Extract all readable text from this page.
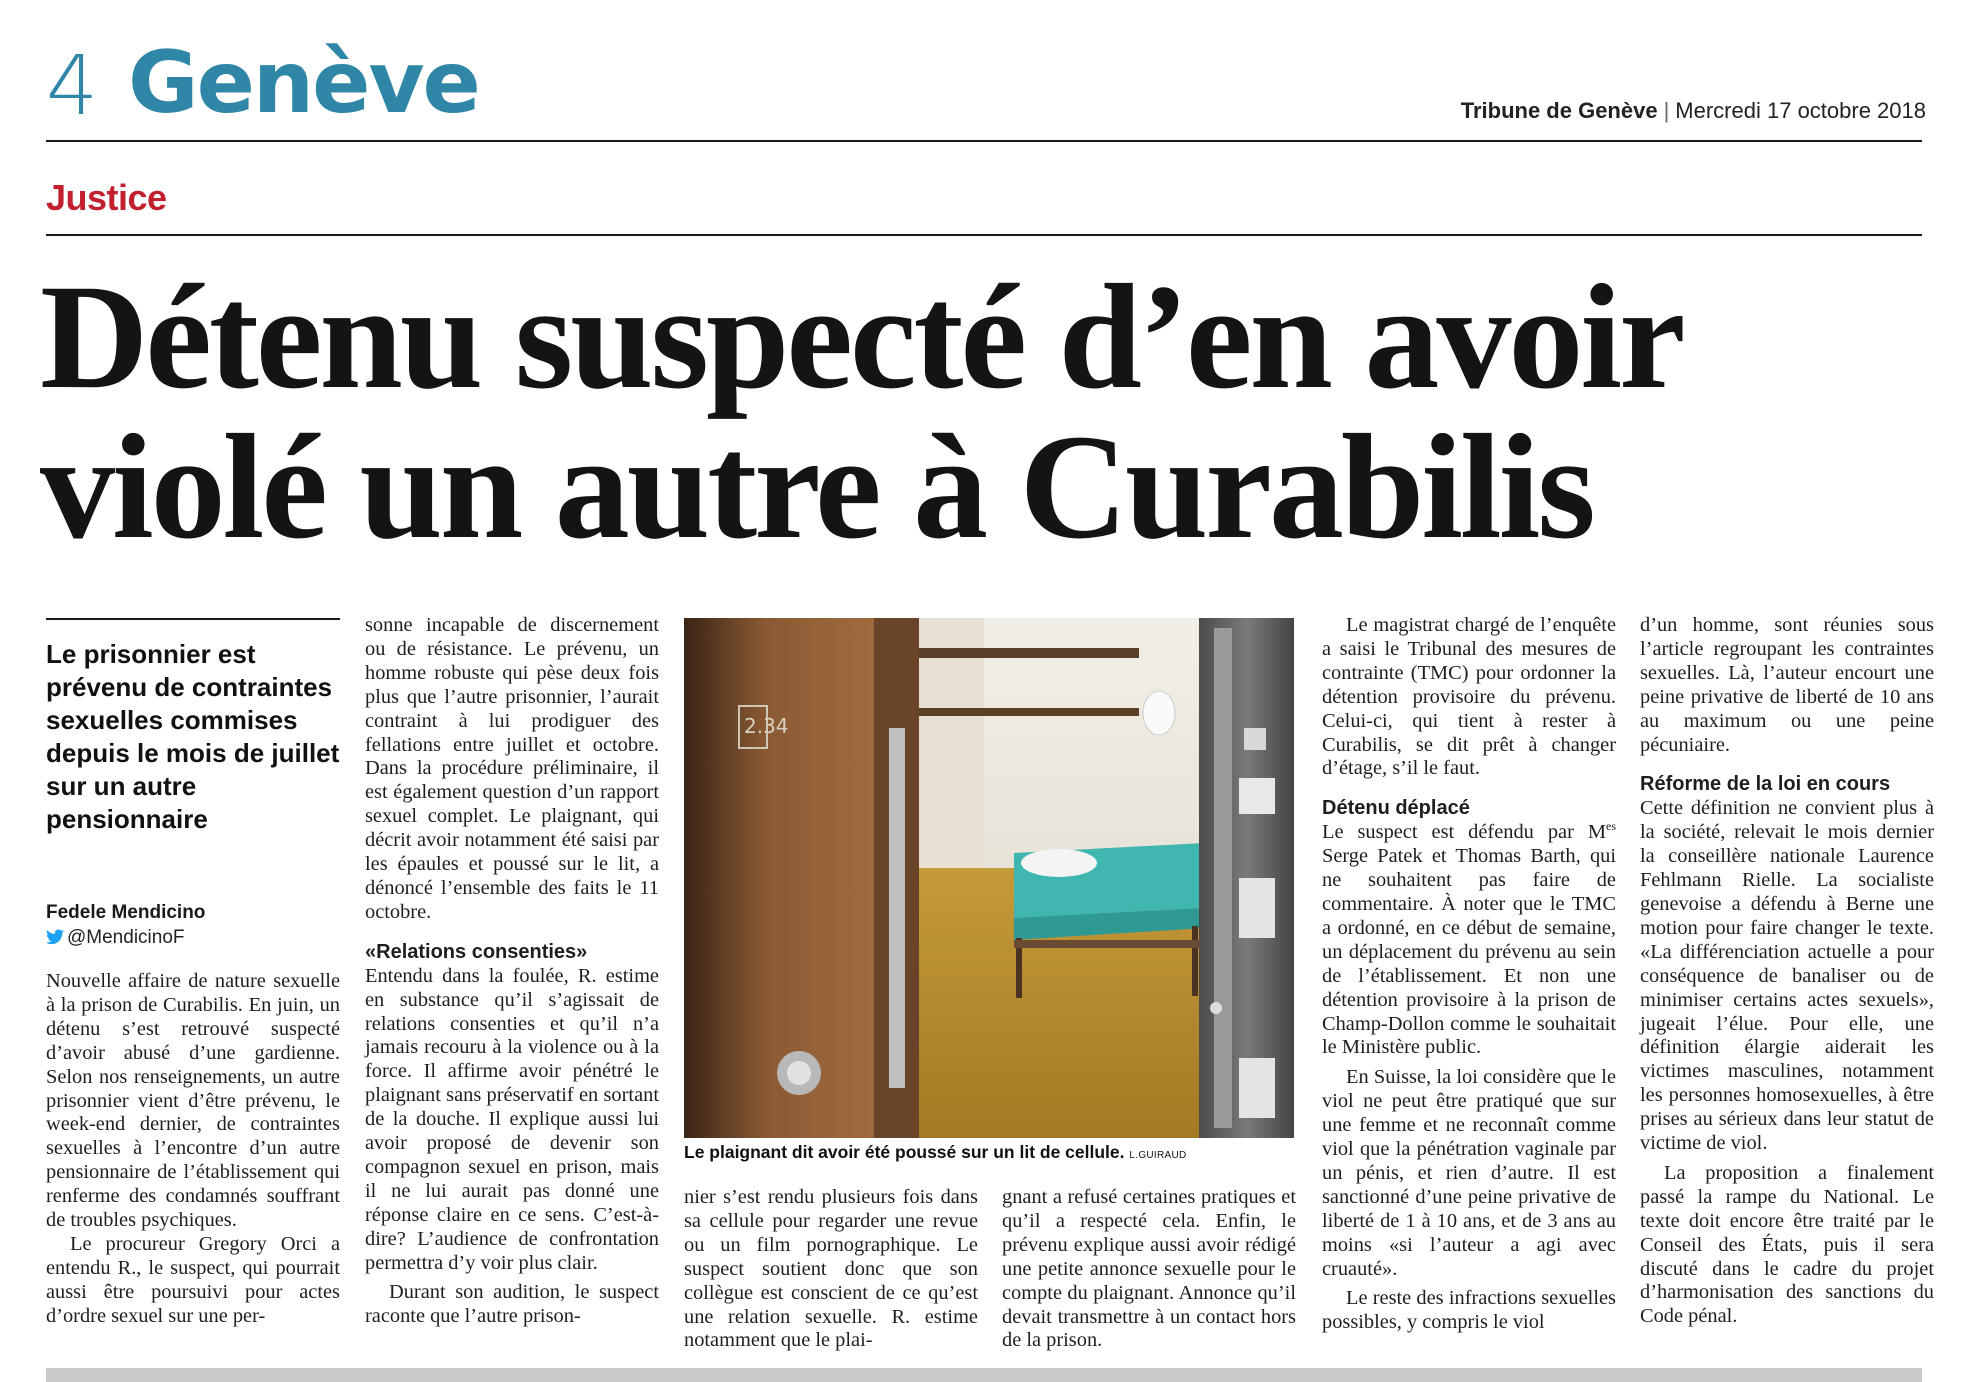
4 Genève	Tribune de Genève | Mercredi 17 octobre 2018
Justice
Détenu suspecté d’en avoir
violé un autre à Curabilis
Le prisonnier est prévenu de contraintes sexuelles commises depuis le mois de juillet sur un autre pensionnaire
Fedele Mendicino
@MendicinoF

Nouvelle affaire de nature sexuelle à la prison de Curabilis. En juin, un détenu s’est retrouvé suspecté d’avoir abusé d’une gardienne. Selon nos renseignements, un autre prisonnier vient d’être prévenu, le week-end dernier, de contraintes sexuelles à l’encontre d’un autre pensionnaire de l’établissement qui renferme des condamnés souffrant de troubles psychiques.

Le procureur Gregory Orci a entendu R., le suspect, qui pourrait aussi être poursuivi pour actes d’ordre sexuel sur une per-

sonne incapable de discernement ou de résistance. Le prévenu, un homme robuste qui pèse deux fois plus que l’autre prisonnier, l’aurait contraint à lui prodiguer des fellations entre juillet et octobre. Dans la procédure préliminaire, il est également question d’un rapport sexuel complet. Le plaignant, qui décrit avoir notamment été saisi par les épaules et poussé sur le lit, a dénoncé l’ensemble des faits le 11 octobre.

«Relations consenties»

Entendu dans la foulée, R. estime en substance qu’il s’agissait de relations consenties et qu’il n’a jamais recouru à la violence ou à la force. Il affirme avoir pénétré le plaignant sans préservatif en sortant de la douche. Il explique aussi lui avoir proposé de devenir son compagnon sexuel en prison, mais il ne lui aurait pas donné une réponse claire en ce sens. C’est-à-dire? L’audience de confrontation permettra d’y voir plus clair.

Durant son audition, le suspect raconte que l’autre prison-

2.34
Le plaignant dit avoir été poussé sur un lit de cellule. L.GUIRAUD

nier s’est rendu plusieurs fois dans sa cellule pour regarder une revue ou un film pornographique. Le suspect soutient donc que son collègue est conscient de ce qu’est une relation sexuelle. R. estime notamment que le plai-

gnant a refusé certaines pratiques et qu’il a respecté cela. Enfin, le prévenu explique aussi avoir rédigé une petite annonce sexuelle pour le compte du plaignant. Annonce qu’il devait transmettre à un contact hors de la prison.

Le magistrat chargé de l’enquête a saisi le Tribunal des mesures de contrainte (TMC) pour ordonner la détention provisoire du prévenu. Celui-ci, qui tient à rester à Curabilis, se dit prêt à changer d’étage, s’il le faut.

Détenu déplacé

Le suspect est défendu par $M^{es}$ Serge Patek et Thomas Barth, qui ne souhaitent pas faire de commentaire. À noter que le TMC a ordonné, en ce début de semaine, un déplacement du prévenu au sein de l’établissement. Et non une détention provisoire à la prison de Champ-Dollon comme le souhaitait le Ministère public.

En Suisse, la loi considère que le viol ne peut être pratiqué que sur une femme et ne reconnaît comme viol que la pénétration vaginale par un pénis, et rien d’autre. Il est sanctionné d’une peine privative de liberté de 1 à 10 ans, et de 3 ans au moins «si l’auteur a agi avec cruauté».

Le reste des infractions sexuelles possibles, y compris le viol

d’un homme, sont réunies sous l’article regroupant les contraintes sexuelles. Là, l’auteur encourt une peine privative de liberté de 10 ans au maximum ou une peine pécuniaire.

Réforme de la loi en cours

Cette définition ne convient plus à la société, relevait le mois dernier la conseillère nationale Laurence Fehlmann Rielle. La socialiste genevoise a défendu à Berne une motion pour faire changer le texte. «La différenciation actuelle a pour conséquence de banaliser ou de minimiser certains actes sexuels», jugeait l’élue. Pour elle, une définition élargie aiderait les victimes masculines, notamment les personnes homosexuelles, à être prises au sérieux dans leur statut de victime de viol.

La proposition a finalement passé la rampe du National. Le texte doit encore être traité par le Conseil des États, puis il sera discuté dans le cadre du projet d’harmonisation des sanctions du Code pénal.
